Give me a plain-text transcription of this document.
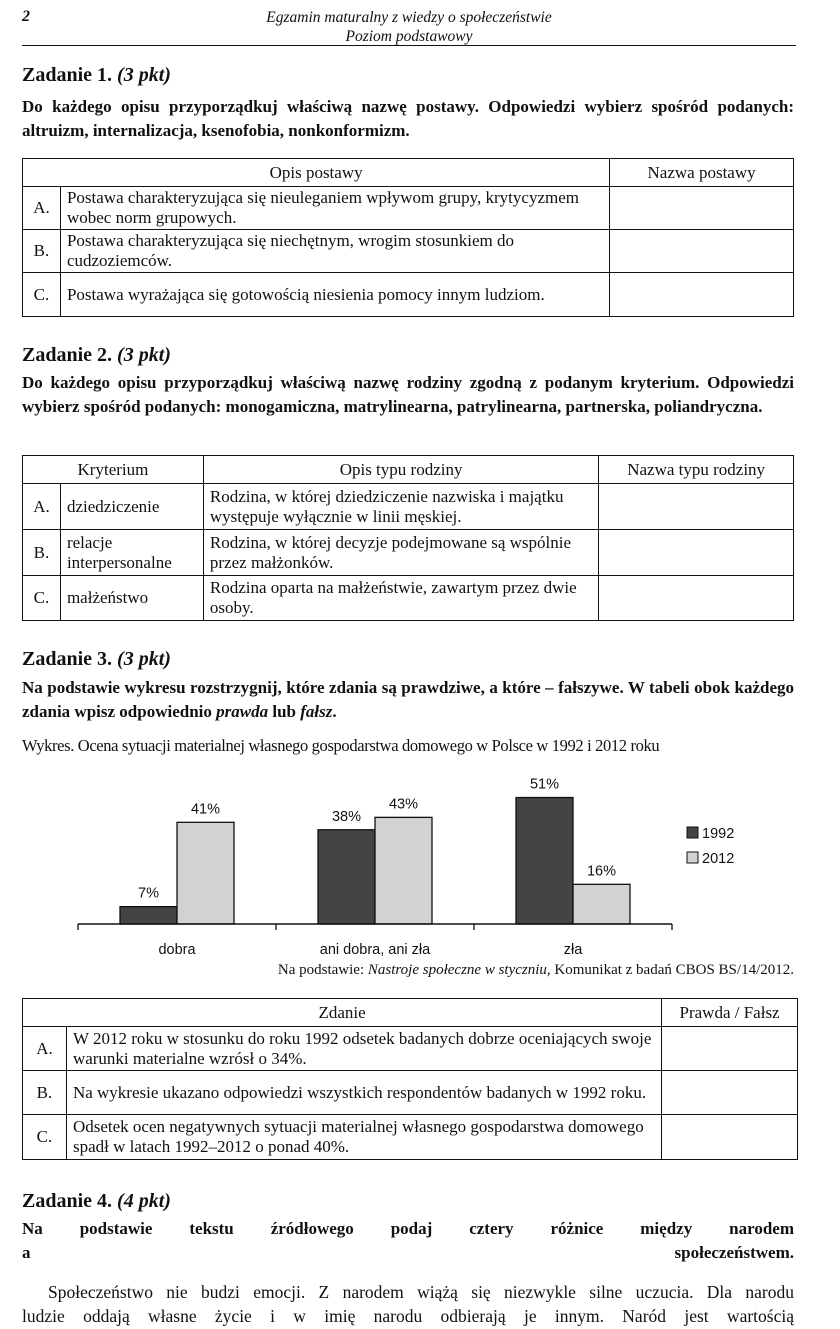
2	Egzamin maturalny z wiedzy o społeczeństwie
Poziom podstawowy
Zadanie 1. (3 pkt)
Do każdego opisu przyporządkuj właściwą nazwę postawy. Odpowiedzi wybierz spośród podanych: altruizm, internalizacja, ksenofobia, nonkonformizm.
Opis postawy		Nazwa postawy
A.	Postawa charakteryzująca się nieuleganiem wpływom grupy, krytycyzmem wobec norm grupowych.	
B.	Postawa charakteryzująca się niechętnym, wrogim stosunkiem do cudzoziemców.	
C.	Postawa wyrażająca się gotowością niesienia pomocy innym ludziom.	
Zadanie 2. (3 pkt)
Do każdego opisu przyporządkuj właściwą nazwę rodziny zgodną z podanym kryterium. Odpowiedzi wybierz spośród podanych: monogamiczna, matrylinearna, patrylinearna, partnerska, poliandryczna.
Kryterium		Opis typu rodziny	Nazwa typu rodziny
A.	dziedziczenie	Rodzina, w której dziedziczenie nazwiska i majątku występuje wyłącznie w linii męskiej.	
B.	relacje interpersonalne	Rodzina, w której decyzje podejmowane są wspólnie przez małżonków.	
C.	małżeństwo	Rodzina oparta na małżeństwie, zawartym przez dwie osoby.	
Zadanie 3. (3 pkt)
Na podstawie wykresu rozstrzygnij, które zdania są prawdziwe, a które – fałszywe. W tabeli obok każdego zdania wpisz odpowiednio prawda lub fałsz.
Wykres. Ocena sytuacji materialnej własnego gospodarstwa domowego w Polsce w 1992 i 2012 roku
7%
41%
dobra
38%
43%
ani dobra, ani zła
51%
16%
zła
1992
2012
Na podstawie: Nastroje społeczne w styczniu, Komunikat z badań CBOS BS/14/2012.
Zdanie		Prawda / Fałsz
A.	W 2012 roku w stosunku do roku 1992 odsetek badanych dobrze oceniających swoje warunki materialne wzrósł o 34%.	
B.	Na wykresie ukazano odpowiedzi wszystkich respondentów badanych w 1992 roku.	
C.	Odsetek ocen negatywnych sytuacji materialnej własnego gospodarstwa domowego spadł w latach 1992–2012 o ponad 40%.	
Zadanie 4. (4 pkt)
Na podstawie tekstu źródłowego podaj cztery różnice między narodem
a społeczeństwem.
Społeczeństwo nie budzi emocji. Z narodem wiążą się niezwykle silne uczucia. Dla narodu
ludzie oddają własne życie i w imię narodu odbierają je innym. Naród jest wartością
